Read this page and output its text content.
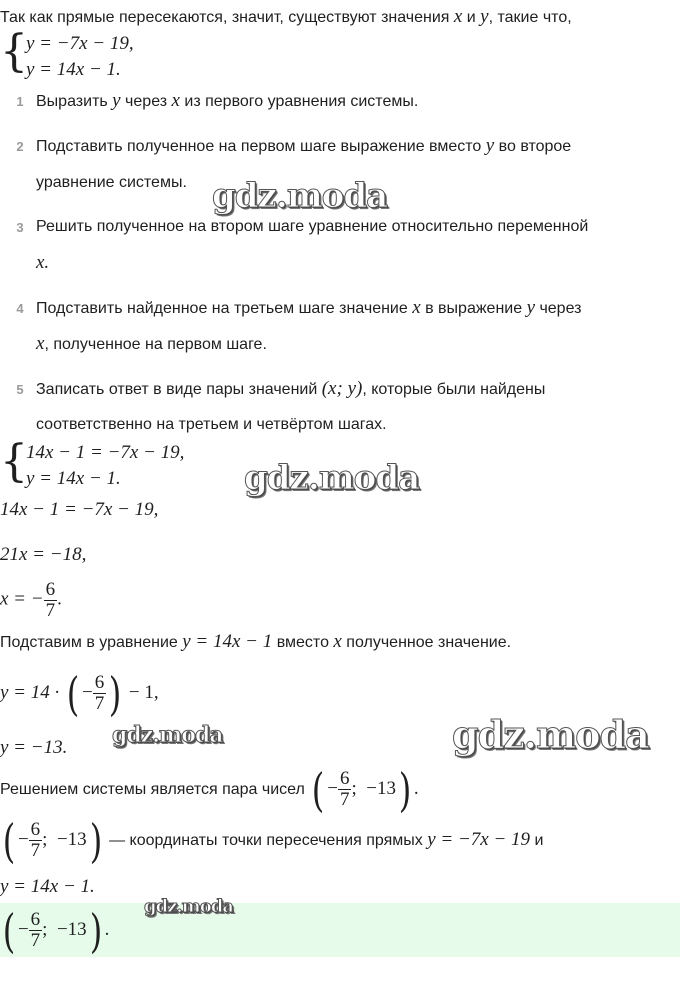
Так как прямые пересекаются, значит, существуют значения x и y, такие что,
{
y = −7x − 19,
y = 14x − 1.
1 Выразить y через x из первого уравнения системы.
2 Подставить полученное на первом шаге выражение вместо y во второе
уравнение системы.
3 Решить полученное на втором шаге уравнение относительно переменной
x.
4 Подставить найденное на третьем шаге значение x в выражение y через
x, полученное на первом шаге.
5 Записать ответ в виде пары значений (x; y), которые были найдены
соответственно на третьем и четвёртом шагах.
{
14x − 1 = −7x − 19,
y = 14x − 1.
14x − 1 = −7x − 19,
21x = −18,
x = − $\frac{6}{7}$ .
Подставим в уравнение y = 14x − 1 вместо x полученное значение.
y = 14 · ( − $\frac{6}{7}$ ) − 1,
y = −13.
Решением системы является пара чисел ( − $\frac{6}{7}$ ;  −13) .
( − $\frac{6}{7}$ ;  −13) — координаты точки пересечения прямых y = −7x − 19 и
y = 14x − 1.
( − $\frac{6}{7}$ ;  −13) .
gdz.moda
gdz.moda
gdz.moda	gdz.moda
gdz.moda
